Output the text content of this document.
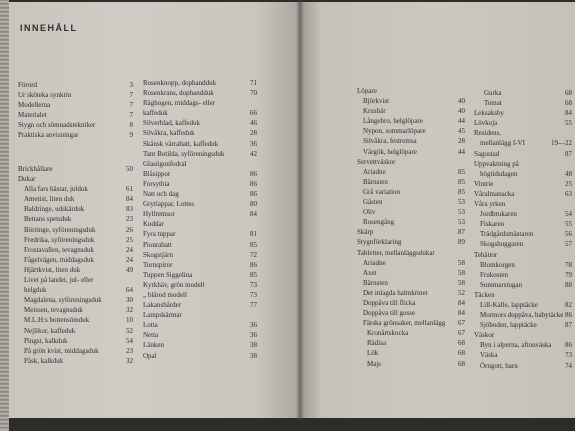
INNEHÅLL
Förord	3
Ur sköteka synkrin	7
Modellerna	7
Materialet	7
Stygn och sömnadstekniker	8
Praktiska anvisningar	9
Brickhållare	50
Dukar
Alla fars hästar, julduk	61
Ametist, liten duk	84
Baldringe, udskärduk	83
Bettans spetsduk	23
Börringe, syföreningsduk	26
Fredrika, syföreningsduk	25
Frostavallen, tevagnsduk	24
Fågelvägen, middagsduk	24
Hjärtkvist, liten duk	49
Livet på landet, jul- eller
helgduk	64
Magdalena, syföreningsduk	30
Meissen, tevagnsduk	32
M.L.H:s bottensömduk	10
Nejlikor, kaffeduk	52
Pingst, kalkduk	54
På grön kvist, middagsduk	23
Påsk, kalkduk	32
Rosenknopp, dophandduk	71
Rosenkrans, dophandduk	70
Räghogen, middags- eller
kaffeduk	66
Silverblad, kaffeduk	46
Silvåkra, kaffeduk	28
Skånsk vårrabatt, kaffeduk	36
Tant Botilda, syföreningsduk	42
Glasögonfodral
Blåsippor	86
Forsythia	86
Natt och dag	86
Grytlappar, Lottes	80
Hyllremsor	84
Kuddar
Fyra tuppar	81
Pionrabatt	85
Skogstjärn	72
Tornspiror	86
Tuppen Siggelina	85
Kyrkhäv, grön modell	73
„ blårod modell	73
Lakansbårder	77
Lampskärmar
Lotta	36
Netta	36
Länken	38
Opal	38
Löpare
Björkvist	40
Krusbär	40
Långebro, helglöpare	44
Nypon, sommarlöpare	45
Silvåkra, festremsa	28
Vårgök, helglöpare	44
Servettväskor
Ariadne	85
Bärnsten	85
Grå variation	85
Gåsten	53
Oliv	53
Rosengång	53
Skärp	87
Stygnförklaring	89
Tabletter, mellanläggsdukar
Ariadne	58
Axet	58
Bärnsten	58
Det inlagda halmkrinet	52
Doppåva till flicka	84
Doppåva till gosse	84
Färska grönsaker, mellanlägg 67
Kronärtskocka	67
Rädisa	68
Lök	68
Majs	68
Gurka	68
Tomat	68
Leksaksby	84
Lövkoja	55
Residens,
mellanlägg I-VI	19—22
Sagostad	87
Uppvaktning på
högtidsdagen	48
Vintrie	25
Våralmanacka	63
Våra yrken
Jordbrukaren	54
Fiskaren	55
Trädgårdsmästaren	56
Skogshuggaren	57
Tehättor
Blomkorgen	78
Frukosten	79
Sommarstugan	88
Täcken
Lill-Kalle, lapptäcke	82
Mormors doppåva, babytäcke 86
Sjöboden, lapptäcke	87
Väskor
Byn i alperna, aftonväska 86
Väska	73
Örngott, barn	74
